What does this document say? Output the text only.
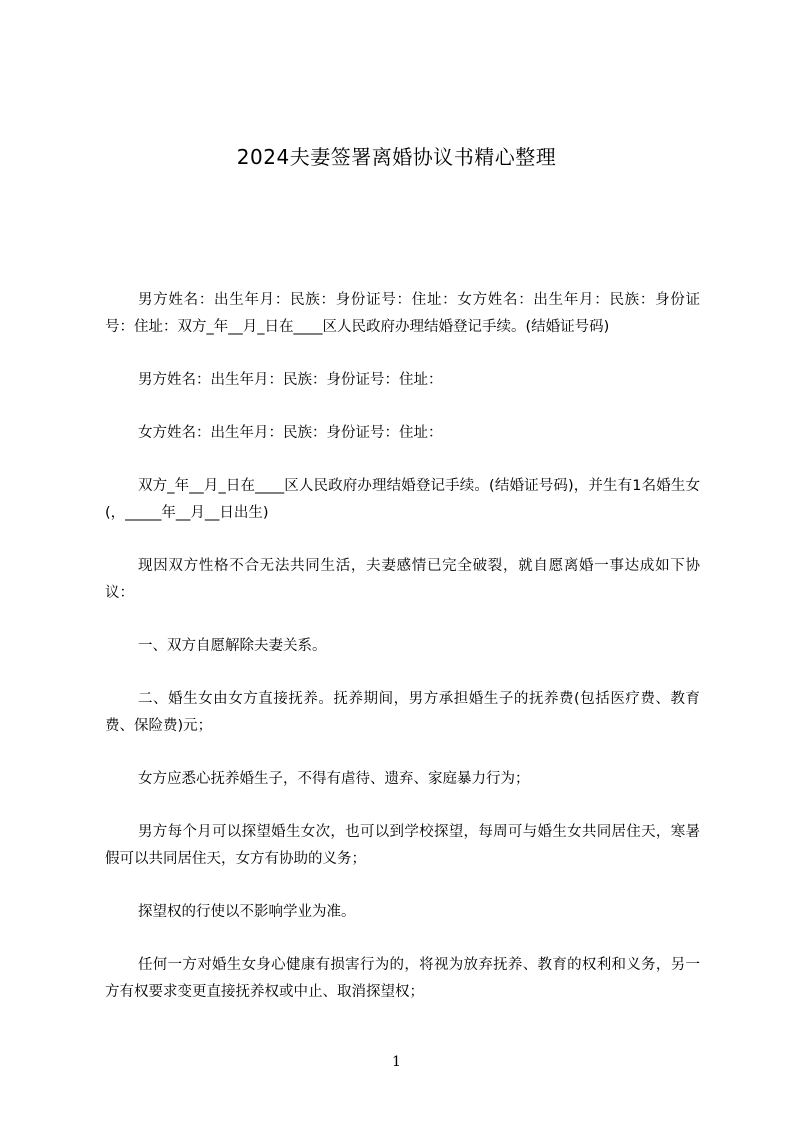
2024夫妻签署离婚协议书精心整理

男方姓名：出生年月：民族：身份证号：住址：女方姓名：出生年月：民族：身份证号：住址：双方_年__月_日在____区人民政府办理结婚登记手续。(结婚证号码)

男方姓名：出生年月：民族：身份证号：住址：

女方姓名：出生年月：民族：身份证号：住址：

双方_年__月_日在____区人民政府办理结婚登记手续。(结婚证号码)，并生有1名婚生女(，_____年__月__日出生)

现因双方性格不合无法共同生活，夫妻感情已完全破裂，就自愿离婚一事达成如下协议：

一、双方自愿解除夫妻关系。

二、婚生女由女方直接抚养。抚养期间，男方承担婚生子的抚养费(包括医疗费、教育费、保险费)元；

女方应悉心抚养婚生子，不得有虐待、遗弃、家庭暴力行为；

男方每个月可以探望婚生女次，也可以到学校探望，每周可与婚生女共同居住天，寒暑假可以共同居住天，女方有协助的义务；

探望权的行使以不影响学业为准。

任何一方对婚生女身心健康有损害行为的，将视为放弃抚养、教育的权利和义务，另一方有权要求变更直接抚养权或中止、取消探望权；

1
